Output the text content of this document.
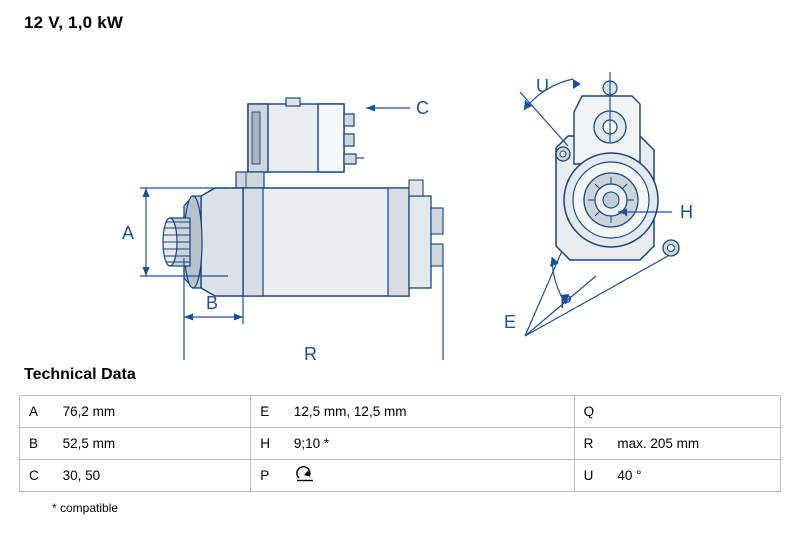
12 V, 1,0 kW
A
B
R
C
H
U
P
E
Technical Data
A	76,2 mm	E	12,5 mm, 12,5 mm	Q	
B	52,5 mm	H	9;10 *	R	max. 205 mm
C	30, 50	P		U	40 °
* compatible
